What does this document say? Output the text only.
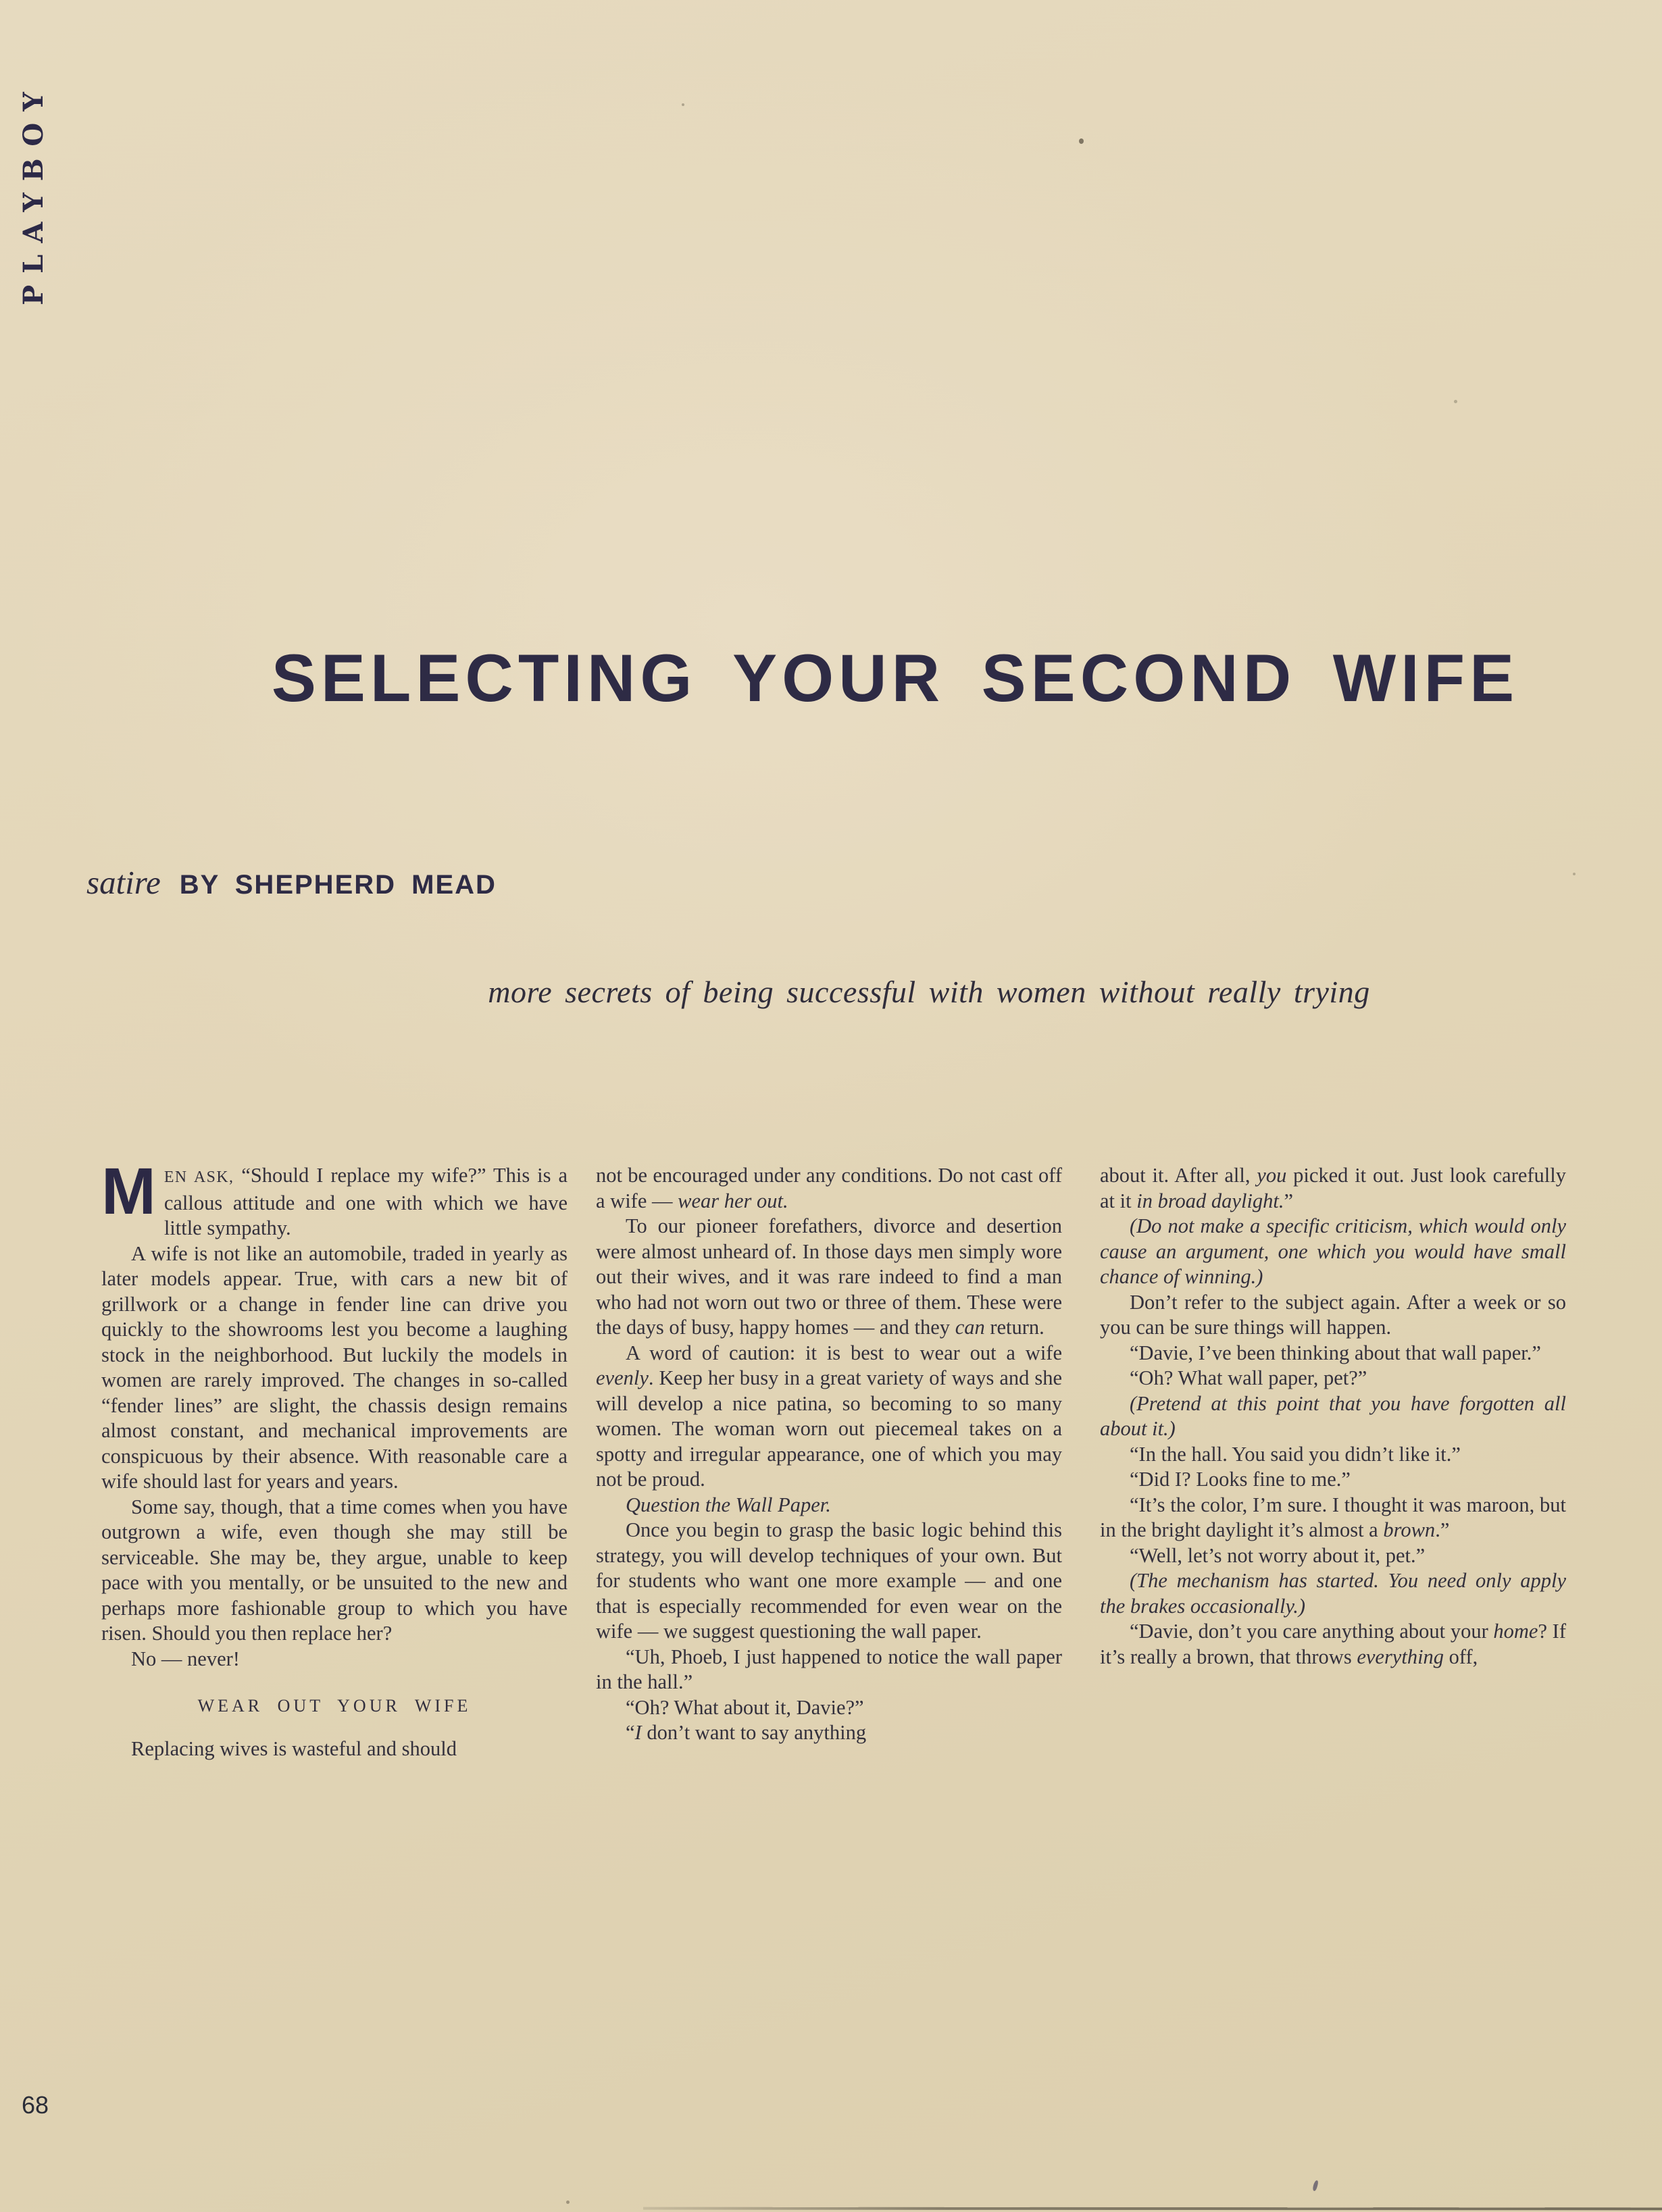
PLAYBOY
SELECTING YOUR SECOND WIFE
satire BY SHEPHERD MEAD
more secrets of being successful with women without really trying

MEN ASK, “Should I replace my wife?” This is a callous attitude and one with which we have little sympathy.

A wife is not like an automobile, traded in yearly as later models appear. True, with cars a new bit of grillwork or a change in fender line can drive you quickly to the showrooms lest you become a laughing stock in the neighborhood. But luckily the models in women are rarely improved. The changes in so-called “fender lines” are slight, the chassis design remains almost constant, and mechanical improvements are conspicuous by their absence. With reasonable care a wife should last for years and years.

Some say, though, that a time comes when you have outgrown a wife, even though she may still be serviceable. She may be, they argue, unable to keep pace with you mentally, or be unsuited to the new and perhaps more fashionable group to which you have risen. Should you then replace her?

No — never!

WEAR OUT YOUR WIFE

Replacing wives is wasteful and should

not be encouraged under any conditions. Do not cast off a wife — wear her out.

To our pioneer forefathers, divorce and desertion were almost unheard of. In those days men simply wore out their wives, and it was rare indeed to find a man who had not worn out two or three of them. These were the days of busy, happy homes — and they can return.

A word of caution: it is best to wear out a wife evenly. Keep her busy in a great variety of ways and she will develop a nice patina, so becoming to so many women. The woman worn out piecemeal takes on a spotty and irregular appearance, one of which you may not be proud.

Question the Wall Paper.

Once you begin to grasp the basic logic behind this strategy, you will develop techniques of your own. But for students who want one more example — and one that is especially recommended for even wear on the wife — we suggest questioning the wall paper.

“Uh, Phoeb, I just happened to notice the wall paper in the hall.”

“Oh? What about it, Davie?”

“I don’t want to say anything

about it. After all, you picked it out. Just look carefully at it in broad daylight.”

(Do not make a specific criticism, which would only cause an argument, one which you would have small chance of winning.)

Don’t refer to the subject again. After a week or so you can be sure things will happen.

“Davie, I’ve been thinking about that wall paper.”

“Oh? What wall paper, pet?”

(Pretend at this point that you have forgotten all about it.)

“In the hall. You said you didn’t like it.”

“Did I? Looks fine to me.”

“It’s the color, I’m sure. I thought it was maroon, but in the bright daylight it’s almost a brown.”

“Well, let’s not worry about it, pet.”

(The mechanism has started. You need only apply the brakes occasionally.)

“Davie, don’t you care anything about your home? If it’s really a brown, that throws everything off,

68
